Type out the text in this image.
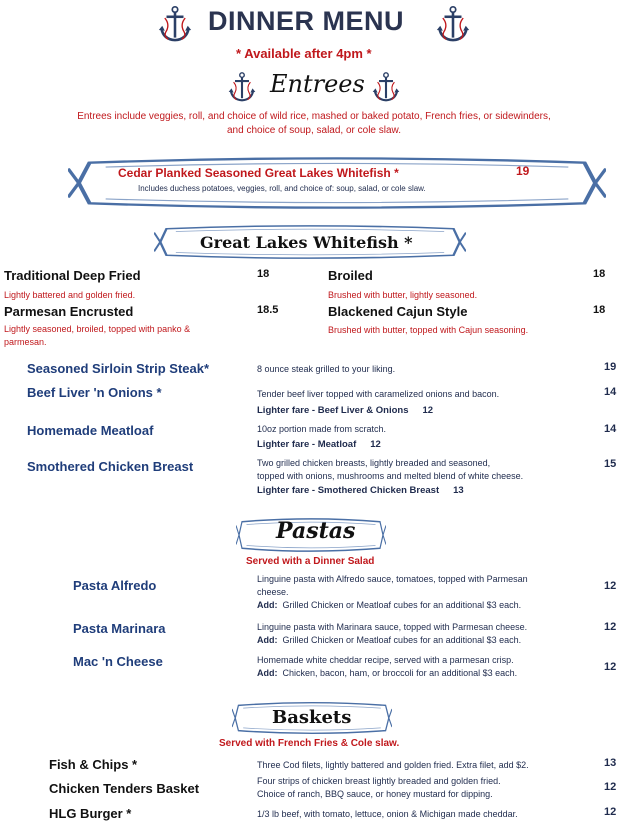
DINNER MENU
* Available after 4pm *
Entrees
Entrees include veggies, roll, and choice of wild rice, mashed or baked potato, French fries, or sidewinders,
and choice of soup, salad, or cole slaw.
Cedar Planked Seasoned Great Lakes Whitefish *	19
Includes duchess potatoes, veggies, roll, and choice of: soup, salad, or cole slaw.
Great Lakes Whitefish *
Traditional Deep Fried	18
Lightly battered and golden fried.
Broiled	18
Brushed with butter, lightly seasoned.
Parmesan Encrusted	18.5
Lightly seasoned, broiled, topped with panko &
parmesan.
Blackened Cajun Style	18
Brushed with butter, topped with Cajun seasoning.
Seasoned Sirloin Strip Steak*	8 ounce steak grilled to your liking.	19
Beef Liver 'n Onions *	Tender beef liver topped with caramelized onions and bacon.	14
Lighter fare - Beef Liver & Onions 12
Homemade Meatloaf	10oz portion made from scratch.	14
Lighter fare - Meatloaf 12
Smothered Chicken Breast	Two grilled chicken breasts, lightly breaded and seasoned,
topped with onions, mushrooms and melted blend of white cheese.
15
Lighter fare - Smothered Chicken Breast 13
Pastas
Served with a Dinner Salad
Pasta Alfredo	Linguine pasta with Alfredo sauce, tomatoes, topped with Parmesan
cheese.
Add: Grilled Chicken or Meatloaf cubes for an additional $3 each.
12
Pasta Marinara	Linguine pasta with Marinara sauce, topped with Parmesan cheese.
Add: Grilled Chicken or Meatloaf cubes for an additional $3 each.
12
Mac 'n Cheese	Homemade white cheddar recipe, served with a parmesan crisp.
Add: Chicken, bacon, ham, or broccoli for an additional $3 each.	12
Baskets
Served with French Fries & Cole slaw.
Fish & Chips *	Three Cod filets, lightly battered and golden fried. Extra filet, add $2.	13
Chicken Tenders Basket	Four strips of chicken breast lightly breaded and golden fried.
Choice of ranch, BBQ sauce, or honey mustard for dipping.
12
HLG Burger *	1/3 lb beef, with tomato, lettuce, onion & Michigan made cheddar.	12
